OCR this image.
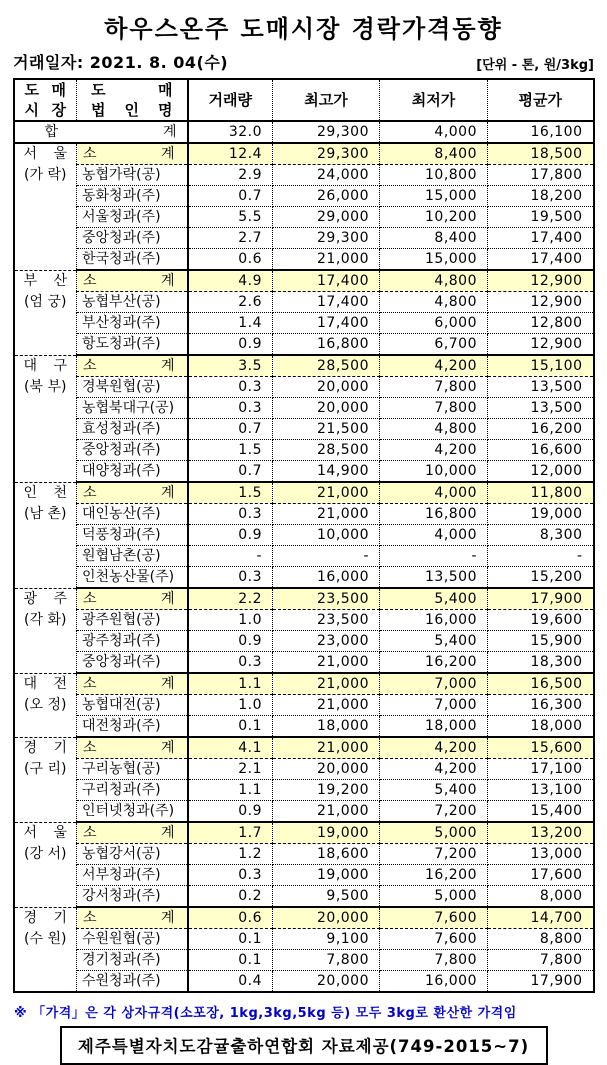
하우스온주 도매시장 경락가격동향
거래일자: 2021. 8. 04(수)	[단위 - 톤, 원/3kg]
도 매
시 장

도 매
법 인 명
	거래량	최고가	최저가	평균가
합 계		32.0	29,300	4,000	16,100

서 울
(가 락)	소 계	12.4	29,300	8,400	18,500
	농협가락(공)	2.9	24,000	10,800	17,800
	동화청과(주)	0.7	26,000	15,000	18,200
	서울청과(주)	5.5	29,000	10,200	19,500
	중앙청과(주)	2.7	29,300	8,400	17,400
	한국청과(주)	0.6	21,000	15,000	17,400

부 산
(엄 궁)	소 계	4.9	17,400	4,800	12,900
	농협부산(공)	2.6	17,400	4,800	12,900
	부산청과(주)	1.4	17,400	6,000	12,800
	항도청과(주)	0.9	16,800	6,700	12,900

대 구
(북 부)	소 계	3.5	28,500	4,200	15,100
	경북원협(공)	0.3	20,000	7,800	13,500
	농협북대구(공)	0.3	20,000	7,800	13,500
	효성청과(주)	0.7	21,500	4,800	16,200
	중앙청과(주)	1.5	28,500	4,200	16,600
	대양청과(주)	0.7	14,900	10,000	12,000

인 천
(남 촌)	소 계	1.5	21,000	4,000	11,800
	대인농산(주)	0.3	21,000	16,800	19,000
	덕풍청과(주)	0.9	10,000	4,000	8,300
	원협남촌(공)	-	-	-	-
	인천농산물(주)	0.3	16,000	13,500	15,200

광 주
(각 화)	소 계	2.2	23,500	5,400	17,900
	광주원협(공)	1.0	23,500	16,000	19,600
	광주청과(주)	0.9	23,000	5,400	15,900
	중앙청과(주)	0.3	21,000	16,200	18,300

대 전
(오 정)	소 계	1.1	21,000	7,000	16,500
	농협대전(공)	1.0	21,000	7,000	16,300
	대전청과(주)	0.1	18,000	18,000	18,000

경 기
(구 리)	소 계	4.1	21,000	4,200	15,600
	구리농협(공)	2.1	20,000	4,200	17,100
	구리청과(주)	1.1	19,200	5,400	13,100
	인터넷청과(주)	0.9	21,000	7,200	15,400

서 울
(강 서)	소 계	1.7	19,000	5,000	13,200
	농협강서(공)	1.2	18,600	7,200	13,000
	서부청과(주)	0.3	19,000	16,200	17,600
	강서청과(주)	0.2	9,500	5,000	8,000

경 기
(수 원)	소 계	0.6	20,000	7,600	14,700
	수원원협(공)	0.1	9,100	7,600	8,800
	경기청과(주)	0.1	7,800	7,800	7,800
	수원청과(주)	0.4	20,000	16,000	17,900
※ 「가격」은 각 상자규격(소포장, 1kg,3kg,5kg 등) 모두 3kg로 환산한 가격임
제주특별자치도감귤출하연합회 자료제공(749-2015~7)
